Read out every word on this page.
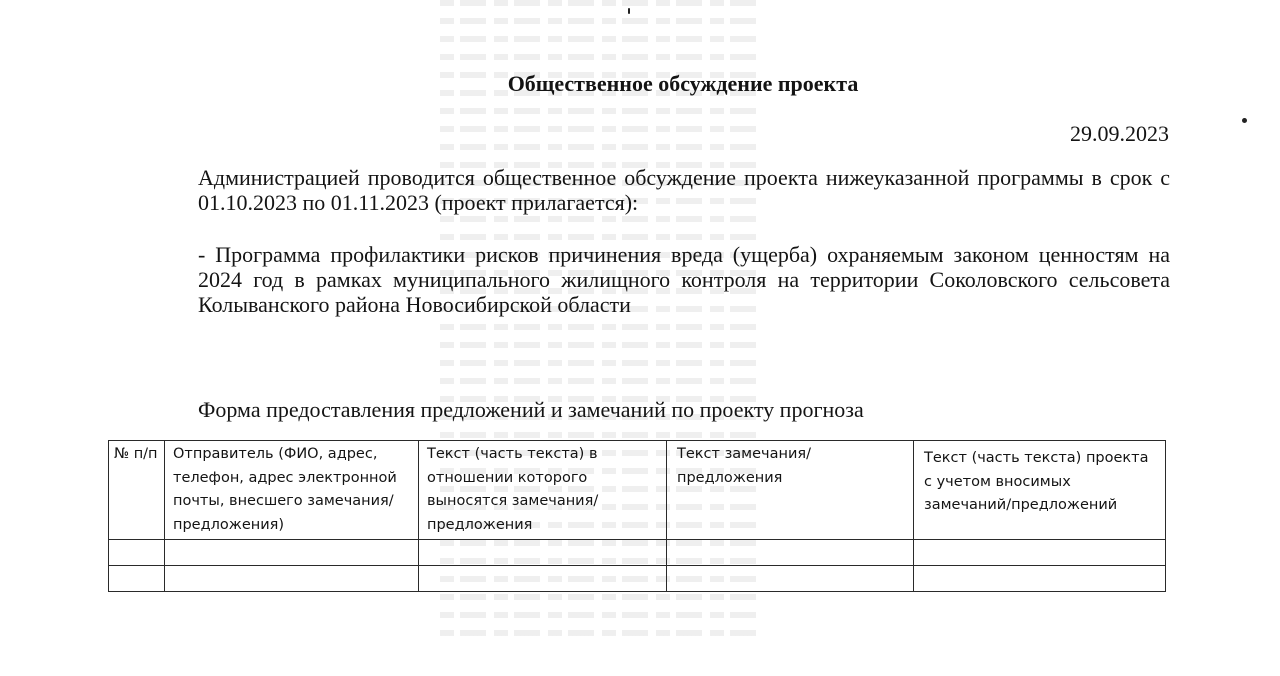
Общественное обсуждение проекта
29.09.2023

Администрацией проводится общественное обсуждение проекта нижеуказанной программы в срок с 01.10.2023 по 01.11.2023 (проект прилагается):

- Программа профилактики рисков причинения вреда (ущерба) охраняемым законом ценностям на 2024 год в рамках муниципального жилищного контроля на территории Соколовского сельсовета Колыванского района Новосибирской области

Форма предоставления предложений и замечаний по проекту прогноза
№ п/п	Отправитель (ФИО, адрес, телефон, адрес электронной почты, внесшего замечания/предложения)	Текст (часть текста) в отношении которого выносятся замечания/предложения	Текст замечания/предложения	Текст (часть текста) проекта с учетом вносимых замечаний/предложений
